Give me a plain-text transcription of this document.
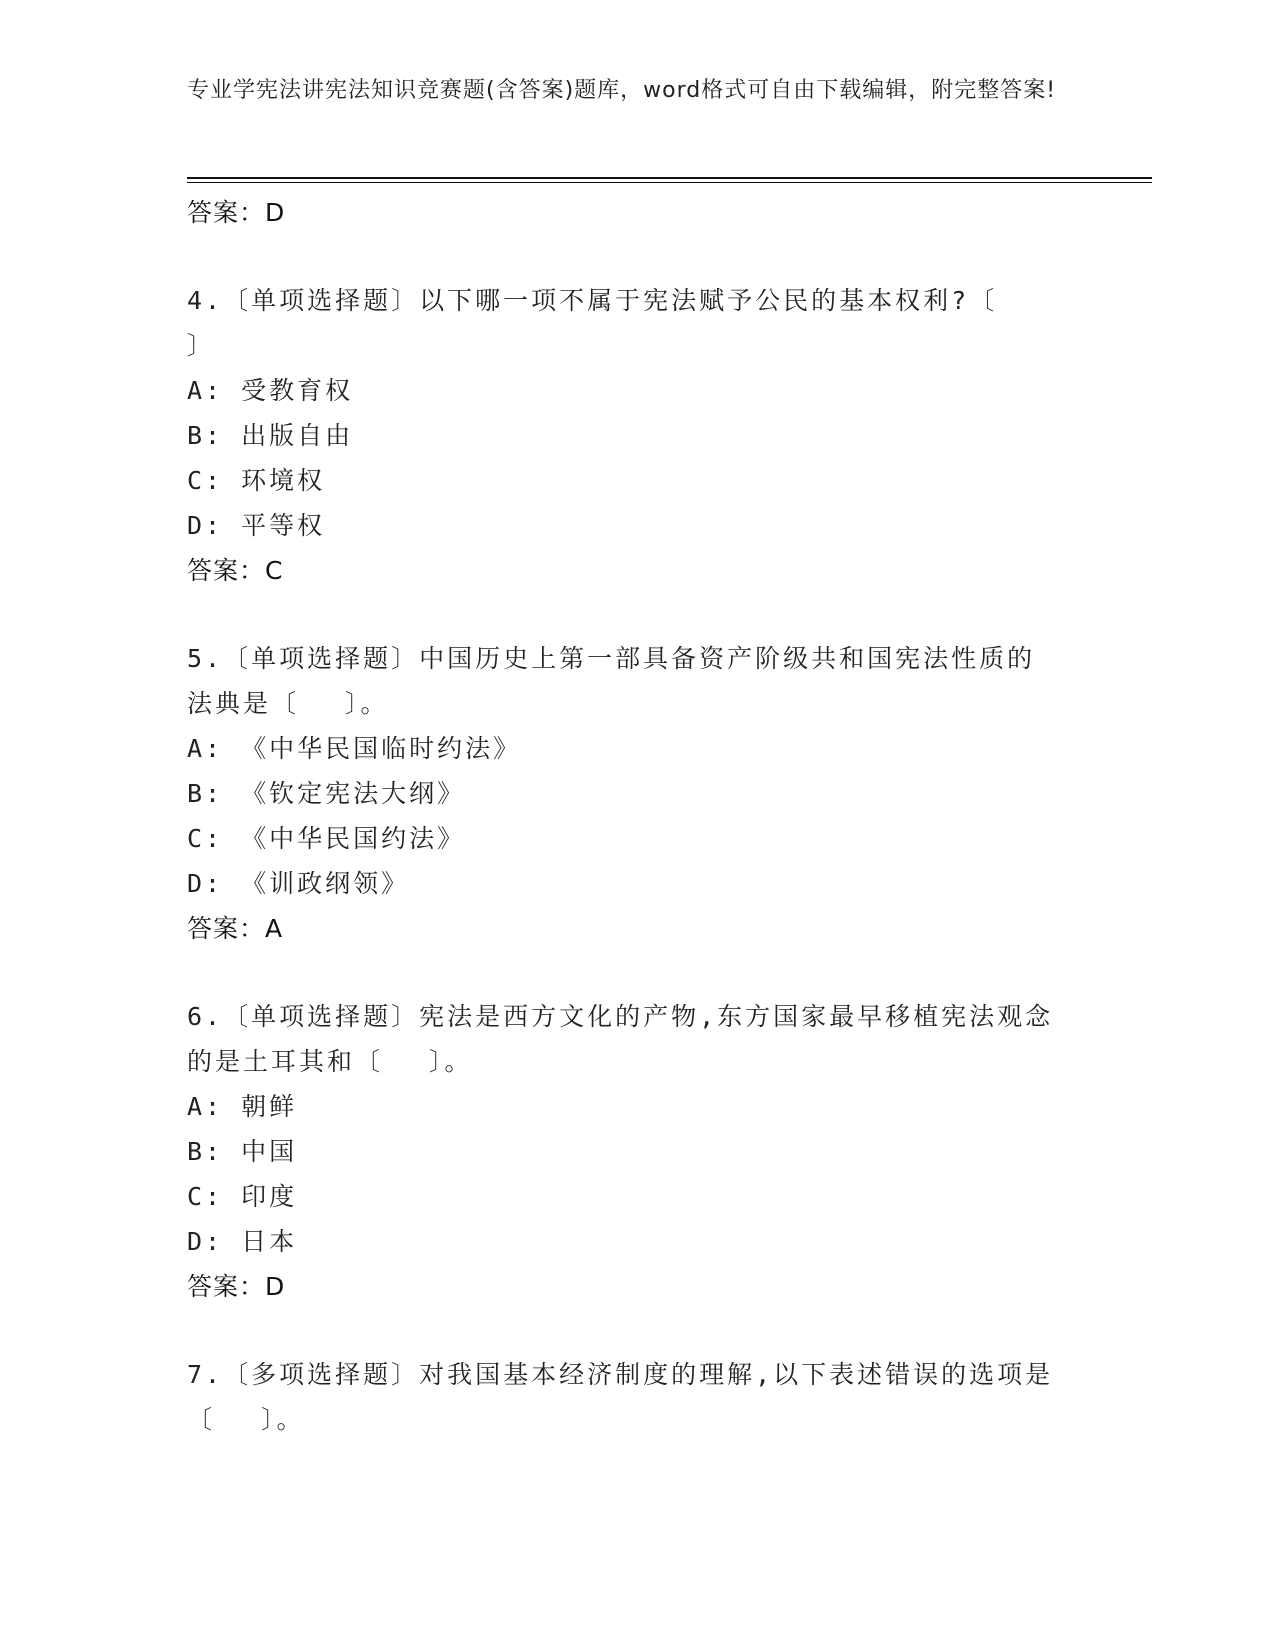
专业学宪法讲宪法知识竞赛题(含答案)题库，word格式可自由下载编辑，附完整答案!
答案：D
4.〔单项选择题〕以下哪一项不属于宪法赋予公民的基本权利?〔
〕
A: 受教育权
B: 出版自由
C: 环境权
D: 平等权
答案：C
5.〔单项选择题〕中国历史上第一部具备资产阶级共和国宪法性质的
法典是〔　 〕。
A: 《中华民国临时约法》
B: 《钦定宪法大纲》
C: 《中华民国约法》
D: 《训政纲领》
答案：A
6.〔单项选择题〕宪法是西方文化的产物,东方国家最早移植宪法观念
的是土耳其和〔　 〕。
A: 朝鲜
B: 中国
C: 印度
D: 日本
答案：D
7.〔多项选择题〕对我国基本经济制度的理解,以下表述错误的选项是
〔　 〕。
